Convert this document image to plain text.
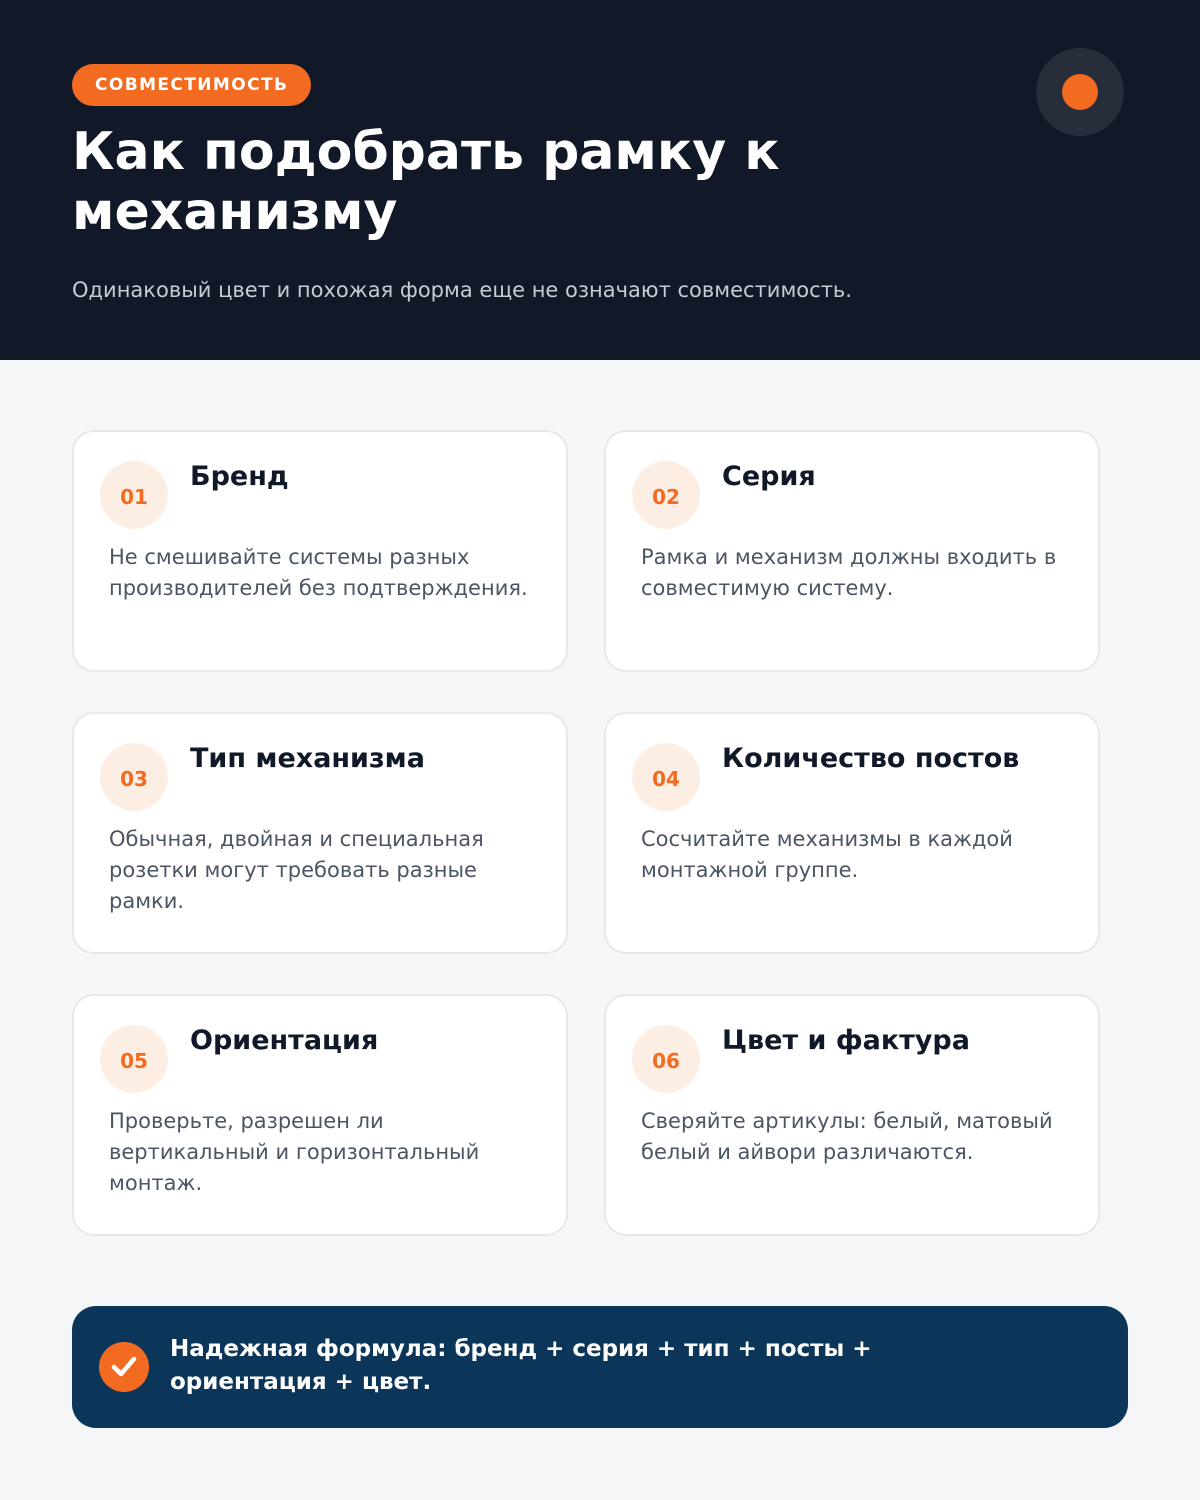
СОВМЕСТИМОСТЬ
Как подобрать рамку к механизму

Одинаковый цвет и похожая форма еще не означают совместимость.

01
Бренд
Не смешивайте системы разных производителей без подтверждения.
02
Серия
Рамка и механизм должны входить в совместимую систему.
03
Тип механизма
Обычная, двойная и специальная розетки могут требовать разные рамки.
04
Количество постов
Сосчитайте механизмы в каждой монтажной группе.
05
Ориентация
Проверьте, разрешен ли вертикальный и горизонтальный монтаж.
06
Цвет и фактура
Сверяйте артикулы: белый, матовый белый и айвори различаются.
Надежная формула: бренд + серия + тип + посты + ориентация + цвет.
